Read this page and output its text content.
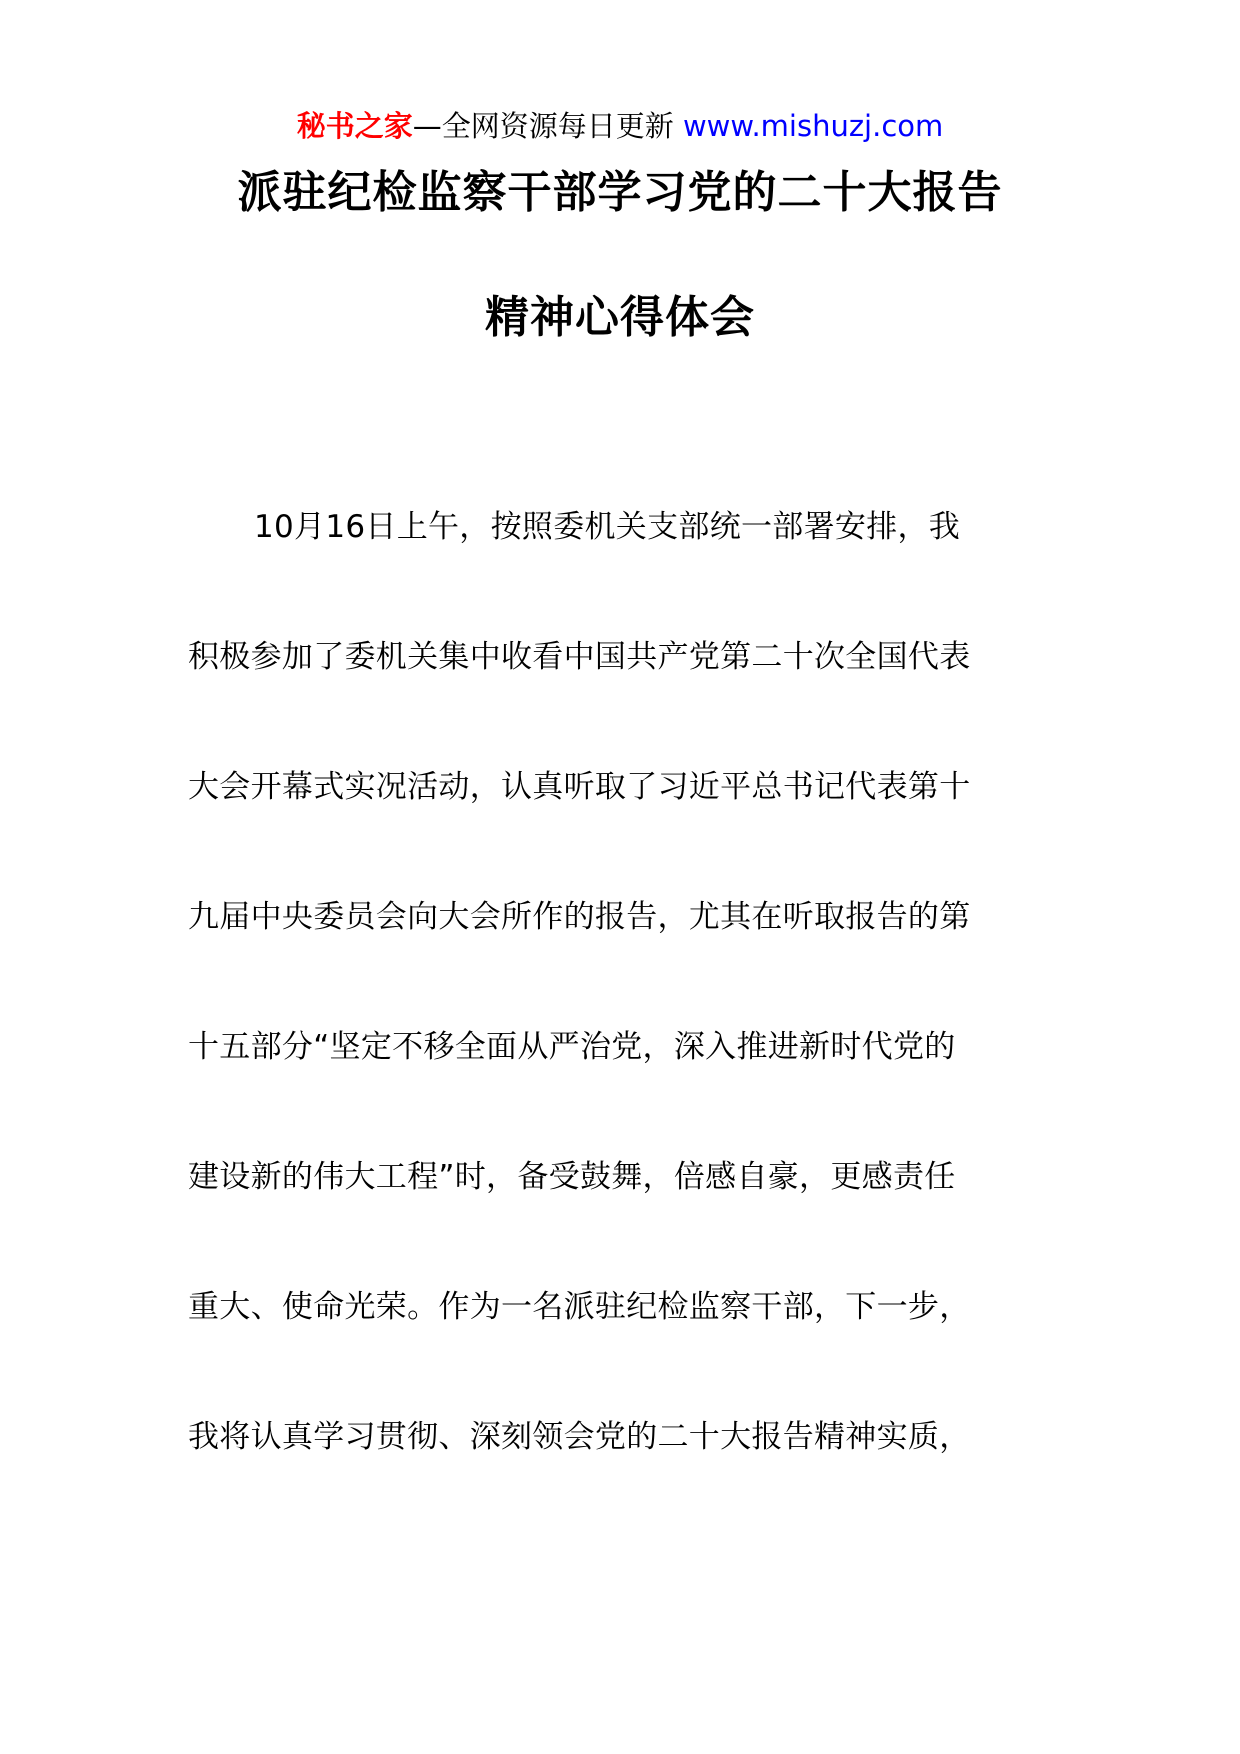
秘书之家—全网资源每日更新 www.mishuzj.com
派驻纪检监察干部学习党的二十大报告
精神心得体会
10月16日上午，按照委机关支部统一部署安排，我
积极参加了委机关集中收看中国共产党第二十次全国代表
大会开幕式实况活动，认真听取了习近平总书记代表第十
九届中央委员会向大会所作的报告，尤其在听取报告的第
十五部分“坚定不移全面从严治党，深入推进新时代党的
建设新的伟大工程”时，备受鼓舞，倍感自豪，更感责任
重大、使命光荣。作为一名派驻纪检监察干部，下一步，
我将认真学习贯彻、深刻领会党的二十大报告精神实质，
